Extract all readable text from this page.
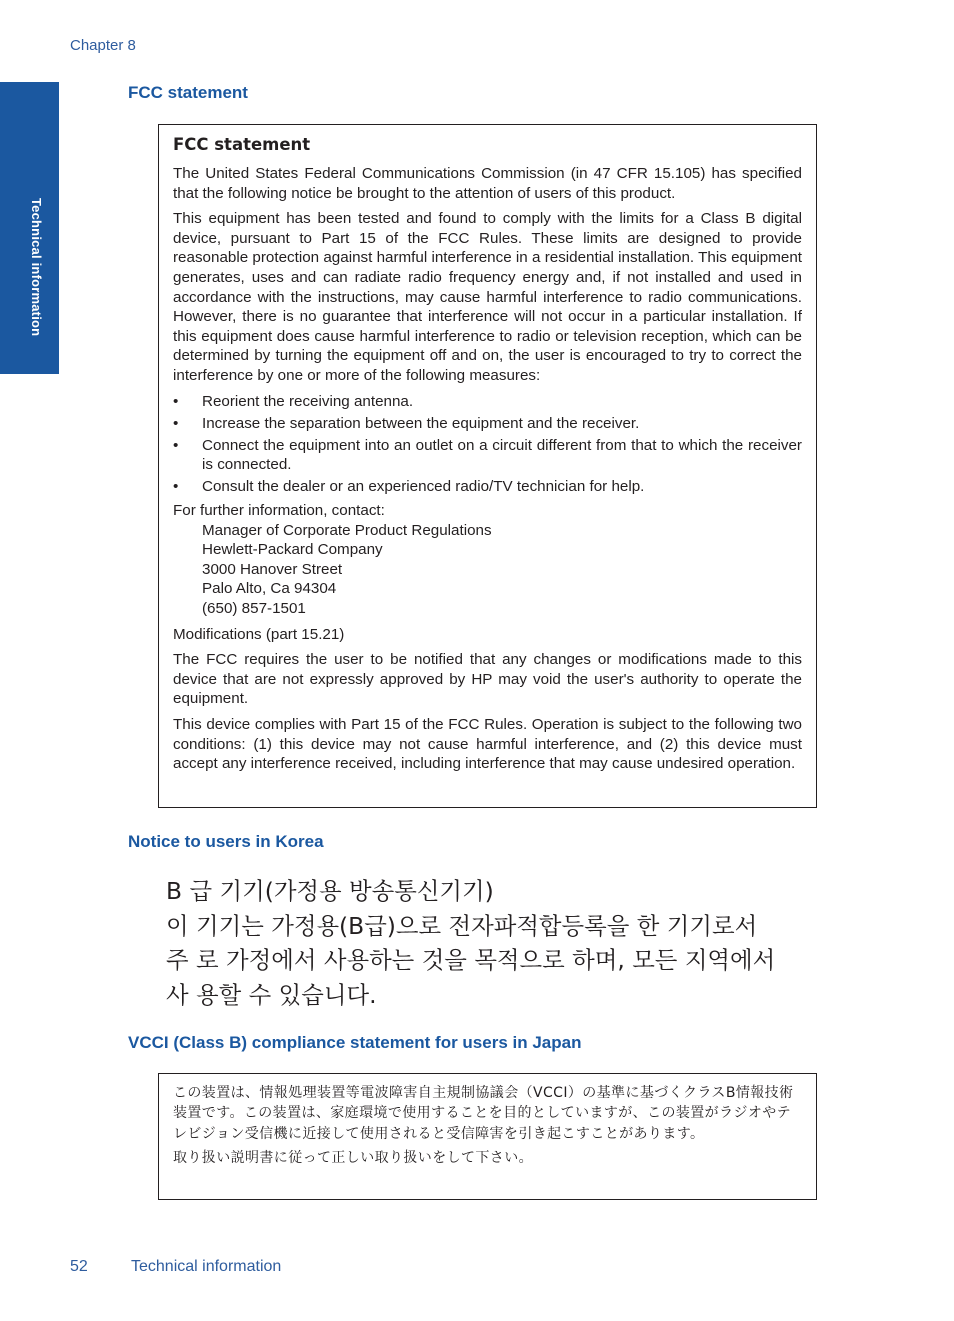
Chapter 8
Technical information
FCC statement
FCC statement

The United States Federal Communications Commission (in 47 CFR 15.105) has specified that the following notice be brought to the attention of users of this product.

This equipment has been tested and found to comply with the limits for a Class B digital device, pursuant to Part 15 of the FCC Rules. These limits are designed to provide reasonable protection against harmful interference in a residential installation. This equipment generates, uses and can radiate radio frequency energy and, if not installed and used in accordance with the instructions, may cause harmful interference to radio communications. However, there is no guarantee that interference will not occur in a particular installation. If this equipment does cause harmful interference to radio or television reception, which can be determined by turning the equipment off and on, the user is encouraged to try to correct the interference by one or more of the following measures:

• Reorient the receiving antenna.
• Increase the separation between the equipment and the receiver.
• Connect the equipment into an outlet on a circuit different from that to which the receiver is connected.
• Consult the dealer or an experienced radio/TV technician for help.

For further information, contact:

Manager of Corporate Product Regulations
Hewlett-Packard Company
3000 Hanover Street
Palo Alto, Ca 94304
(650) 857-1501

Modifications (part 15.21)

The FCC requires the user to be notified that any changes or modifications made to this device that are not expressly approved by HP may void the user's authority to operate the equipment.

This device complies with Part 15 of the FCC Rules. Operation is subject to the following two conditions: (1) this device may not cause harmful interference, and (2) this device must accept any interference received, including interference that may cause undesired operation.

Notice to users in Korea
B 급 기기(가정용 방송통신기기)
이 기기는 가정용(B급)으로 전자파적합등록을 한 기기로서
주 로 가정에서 사용하는 것을 목적으로 하며, 모든 지역에서
사 용할 수 있습니다.
VCCI (Class B) compliance statement for users in Japan

この装置は、情報処理装置等電波障害自主規制協議会（VCCI）の基準に基づくクラスB情報技術装置です。この装置は、家庭環境で使用することを目的としていますが、この装置がラジオやテレビジョン受信機に近接して使用されると受信障害を引き起こすことがあります。

取り扱い説明書に従って正しい取り扱いをして下さい。

52	Technical information
